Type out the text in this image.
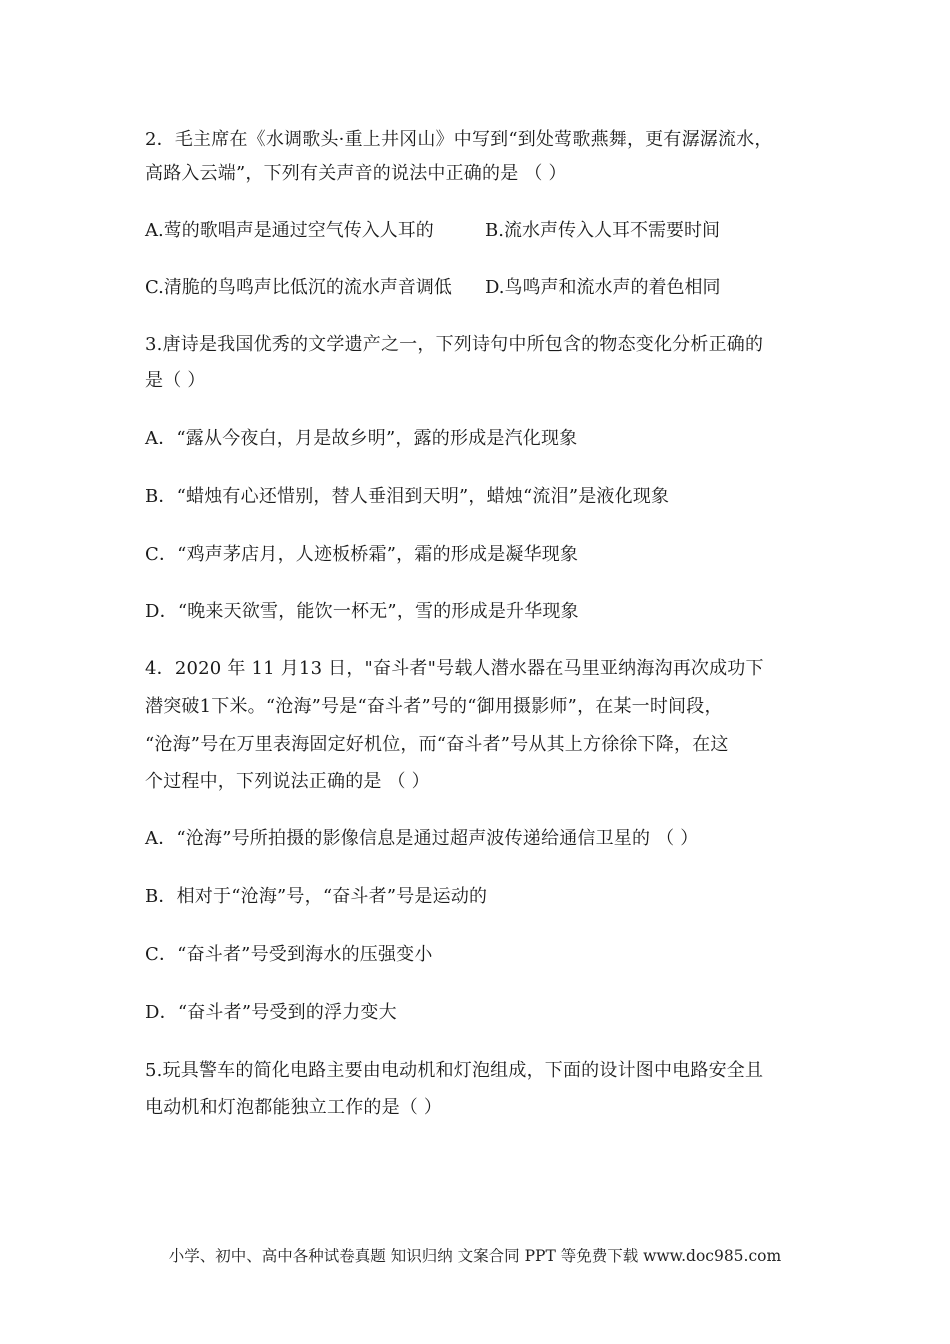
2．毛主席在《水调歌头·重上井冈山》中写到“到处莺歌燕舞，更有潺潺流水，
高路入云端”，下列有关声音的说法中正确的是 （ ）
A.莺的歌唱声是通过空气传入人耳的	B.流水声传入人耳不需要时间
C.清脆的鸟鸣声比低沉的流水声音调低 D.鸟鸣声和流水声的着色相同
3.唐诗是我国优秀的文学遗产之一，下列诗句中所包含的物态变化分析正确的
是（ ）
A．“露从今夜白，月是故乡明”，露的形成是汽化现象
B．“蜡烛有心还惜别，替人垂泪到天明”，蜡烛“流泪”是液化现象
C．“鸡声茅店月，人迹板桥霜”，霜的形成是凝华现象
D．“晚来天欲雪，能饮一杯无”，雪的形成是升华现象
4．2020 年 11 月13 日，"奋斗者"号载人潜水器在马里亚纳海沟再次成功下
潜突破1下米。“沧海”号是“奋斗者”号的“御用摄影师”，在某一时间段，
“沧海”号在万里表海固定好机位，而“奋斗者”号从其上方徐徐下降，在这
个过程中，下列说法正确的是 （ ）
A．“沧海”号所拍摄的影像信息是通过超声波传递给通信卫星的 （ ）
B．相对于“沧海”号，“奋斗者”号是运动的
C．“奋斗者”号受到海水的压强变小
D．“奋斗者”号受到的浮力变大
5.玩具警车的简化电路主要由电动机和灯泡组成，下面的设计图中电路安全且
电动机和灯泡都能独立工作的是（ ）
小学、初中、高中各种试卷真题 知识归纳 文案合同 PPT 等免费下载 www.doc985.com
